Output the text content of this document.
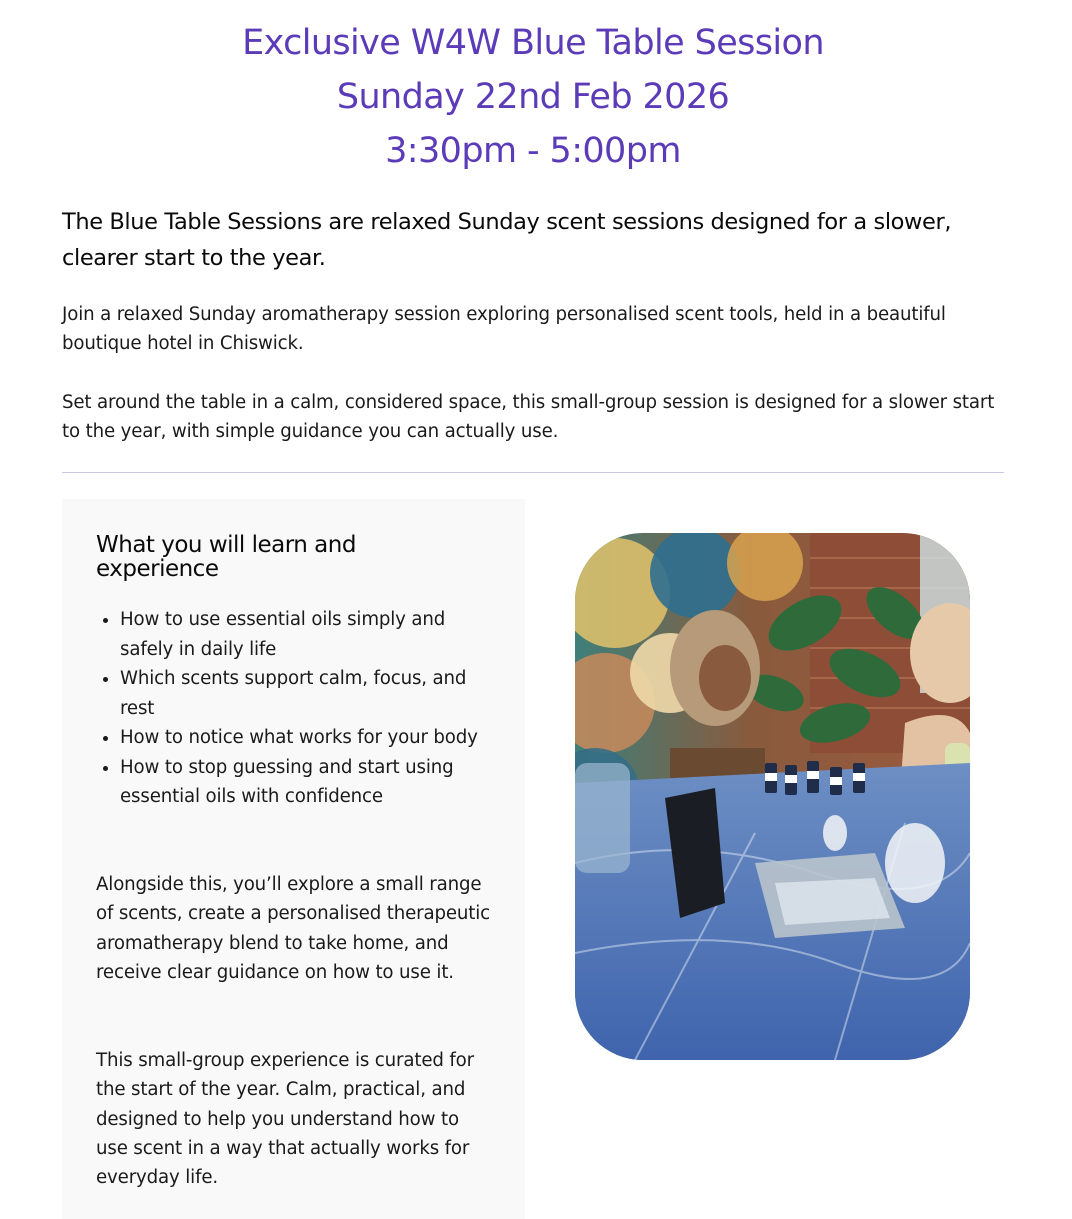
Exclusive W4W Blue Table Session
Sunday 22nd Feb 2026
3:30pm - 5:00pm
The Blue Table Sessions are relaxed Sunday scent sessions designed for a slower, clearer start to the year.
Join a relaxed Sunday aromatherapy session exploring personalised scent tools, held in a beautiful boutique hotel in Chiswick.
Set around the table in a calm, considered space, this small-group session is designed for a slower start to the year, with simple guidance you can actually use.
What you will learn and experience
• How to use essential oils simply and safely in daily life
• Which scents support calm, focus, and rest
• How to notice what works for your body
• How to stop guessing and start using essential oils with confidence
Alongside this, you’ll explore a small range of scents, create a personalised therapeutic aromatherapy blend to take home, and receive clear guidance on how to use it.
This small-group experience is curated for the start of the year. Calm, practical, and designed to help you understand how to use scent in a way that actually works for everyday life.
